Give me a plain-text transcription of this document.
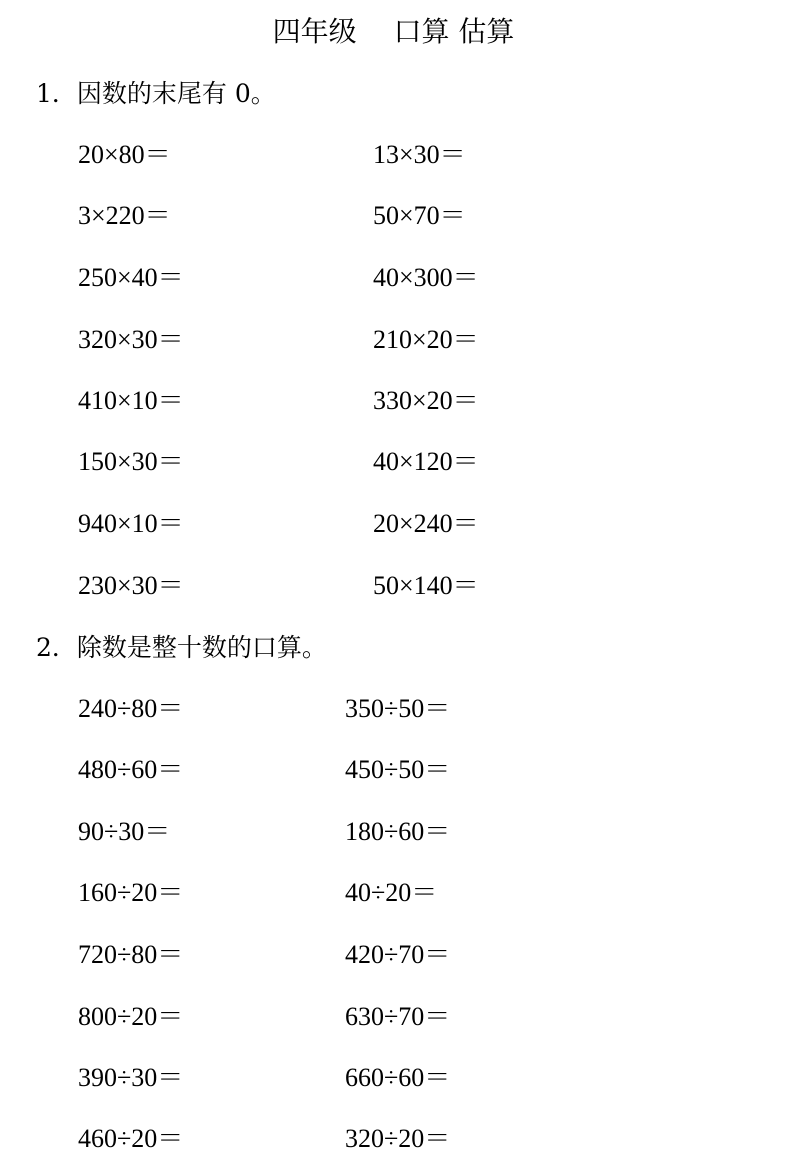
四年级　 口算 估算
1．因数的末尾有 0。
20×80＝	13×30＝
3×220＝	50×70＝
250×40＝	40×300＝
320×30＝	210×20＝
410×10＝	330×20＝
150×30＝	40×120＝
940×10＝	20×240＝
230×30＝	50×140＝
2．除数是整十数的口算。
240÷80＝	350÷50＝
480÷60＝	450÷50＝
90÷30＝	180÷60＝
160÷20＝	40÷20＝
720÷80＝	420÷70＝
800÷20＝	630÷70＝
390÷30＝	660÷60＝
460÷20＝	320÷20＝
